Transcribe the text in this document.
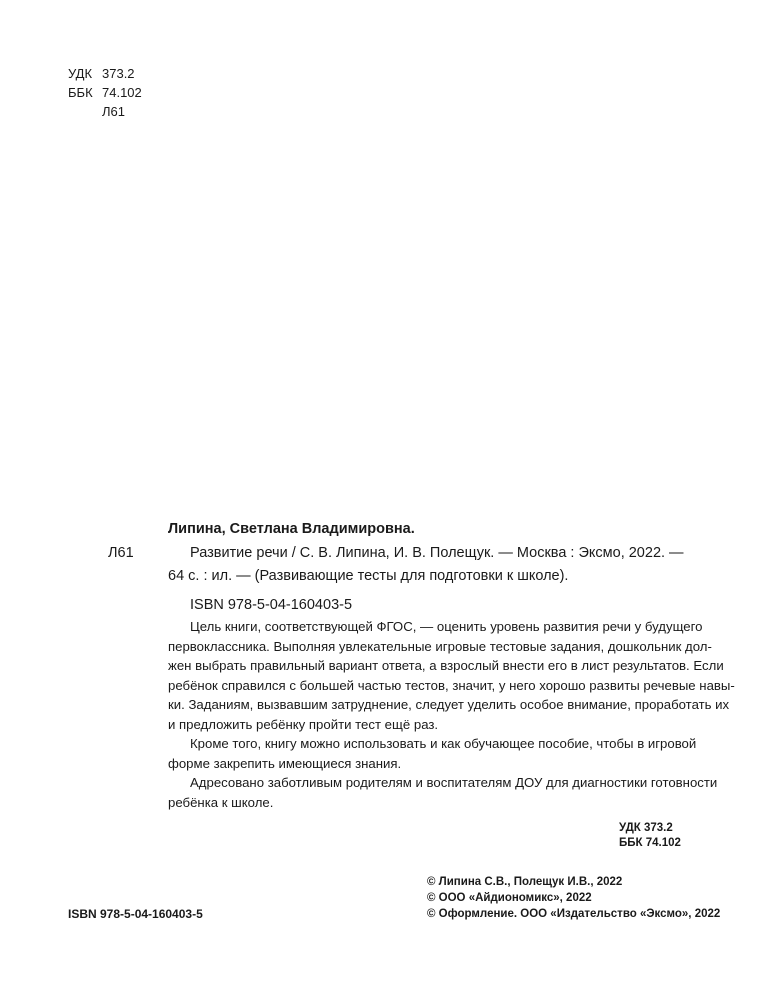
УДК 373.2
ББК 74.102
Л61
Липина, Светлана Владимировна.
Л61	Развитие речи / С. В. Липина, И. В. Полещук. — Москва : Эксмо, 2022. —
64 с. : ил. — (Развивающие тесты для подготовки к школе).
ISBN 978-5-04-160403-5
Цель книги, соответствующей ФГОС, — оценить уровень развития речи у будущего
первоклассника. Выполняя увлекательные игровые тестовые задания, дошкольник дол-
жен выбрать правильный вариант ответа, а взрослый внести его в лист результатов. Если
ребёнок справился с большей частью тестов, значит, у него хорошо развиты речевые навы-
ки. Заданиям, вызвавшим затруднение, следует уделить особое внимание, проработать их
и предложить ребёнку пройти тест ещё раз.
Кроме того, книгу можно использовать и как обучающее пособие, чтобы в игровой
форме закрепить имеющиеся знания.
Адресовано заботливым родителям и воспитателям ДОУ для диагностики готовности
ребёнка к школе.
УДК 373.2
ББК 74.102
ISBN 978-5-04-160403-5
© Липина С.В., Полещук И.В., 2022
© ООО «Айдиономикс», 2022
© Оформление. ООО «Издательство «Эксмо», 2022
